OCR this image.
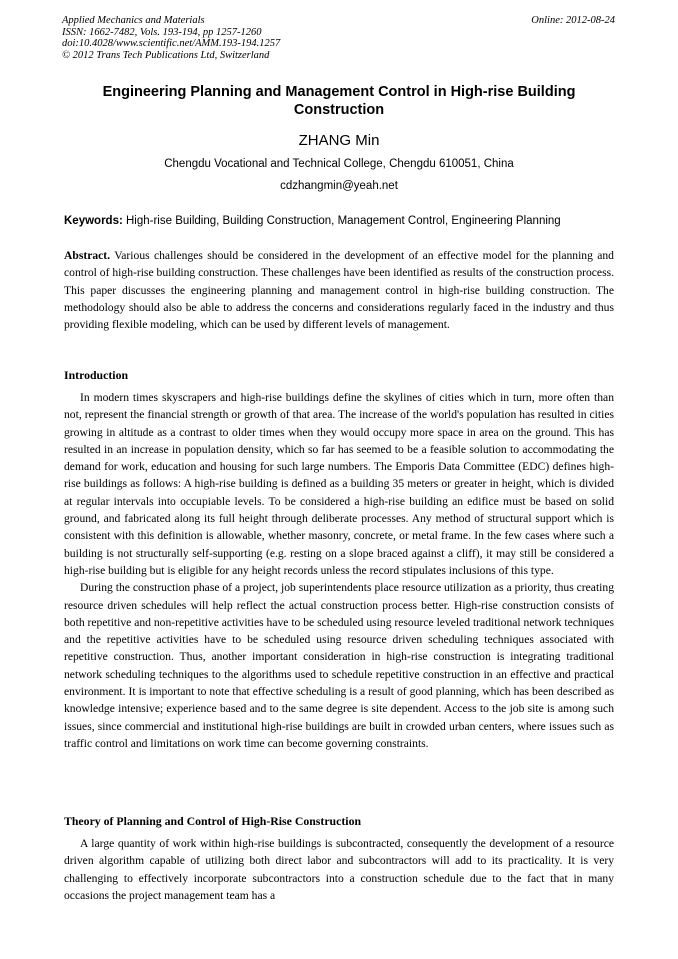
Applied Mechanics and Materials
ISSN: 1662-7482, Vols. 193-194, pp 1257-1260
doi:10.4028/www.scientific.net/AMM.193-194.1257
© 2012 Trans Tech Publications Ltd, Switzerland
Online: 2012-08-24
Engineering Planning and Management Control in High-rise Building Construction
ZHANG Min
Chengdu Vocational and Technical College, Chengdu 610051, China
cdzhangmin@yeah.net
Keywords: High-rise Building, Building Construction, Management Control, Engineering Planning

Abstract. Various challenges should be considered in the development of an effective model for the planning and control of high-rise building construction. These challenges have been identified as results of the construction process. This paper discusses the engineering planning and management control in high-rise building construction. The methodology should also be able to address the concerns and considerations regularly faced in the industry and thus providing flexible modeling, which can be used by different levels of management.

Introduction

In modern times skyscrapers and high-rise buildings define the skylines of cities which in turn, more often than not, represent the financial strength or growth of that area. The increase of the world's population has resulted in cities growing in altitude as a contrast to older times when they would occupy more space in area on the ground. This has resulted in an increase in population density, which so far has seemed to be a feasible solution to accommodating the demand for work, education and housing for such large numbers. The Emporis Data Committee (EDC) defines high-rise buildings as follows: A high-rise building is defined as a building 35 meters or greater in height, which is divided at regular intervals into occupiable levels. To be considered a high-rise building an edifice must be based on solid ground, and fabricated along its full height through deliberate processes. Any method of structural support which is consistent with this definition is allowable, whether masonry, concrete, or metal frame. In the few cases where such a building is not structurally self-supporting (e.g. resting on a slope braced against a cliff), it may still be considered a high-rise building but is eligible for any height records unless the record stipulates inclusions of this type.

During the construction phase of a project, job superintendents place resource utilization as a priority, thus creating resource driven schedules will help reflect the actual construction process better. High-rise construction consists of both repetitive and non-repetitive activities have to be scheduled using resource leveled traditional network techniques and the repetitive activities have to be scheduled using resource driven scheduling techniques associated with repetitive construction. Thus, another important consideration in high-rise construction is integrating traditional network scheduling techniques to the algorithms used to schedule repetitive construction in an effective and practical environment. It is important to note that effective scheduling is a result of good planning, which has been described as knowledge intensive; experience based and to the same degree is site dependent. Access to the job site is among such issues, since commercial and institutional high-rise buildings are built in crowded urban centers, where issues such as traffic control and limitations on work time can become governing constraints.

Theory of Planning and Control of High-Rise Construction

A large quantity of work within high-rise buildings is subcontracted, consequently the development of a resource driven algorithm capable of utilizing both direct labor and subcontractors will add to its practicality. It is very challenging to effectively incorporate subcontractors into a construction schedule due to the fact that in many occasions the project management team has a
